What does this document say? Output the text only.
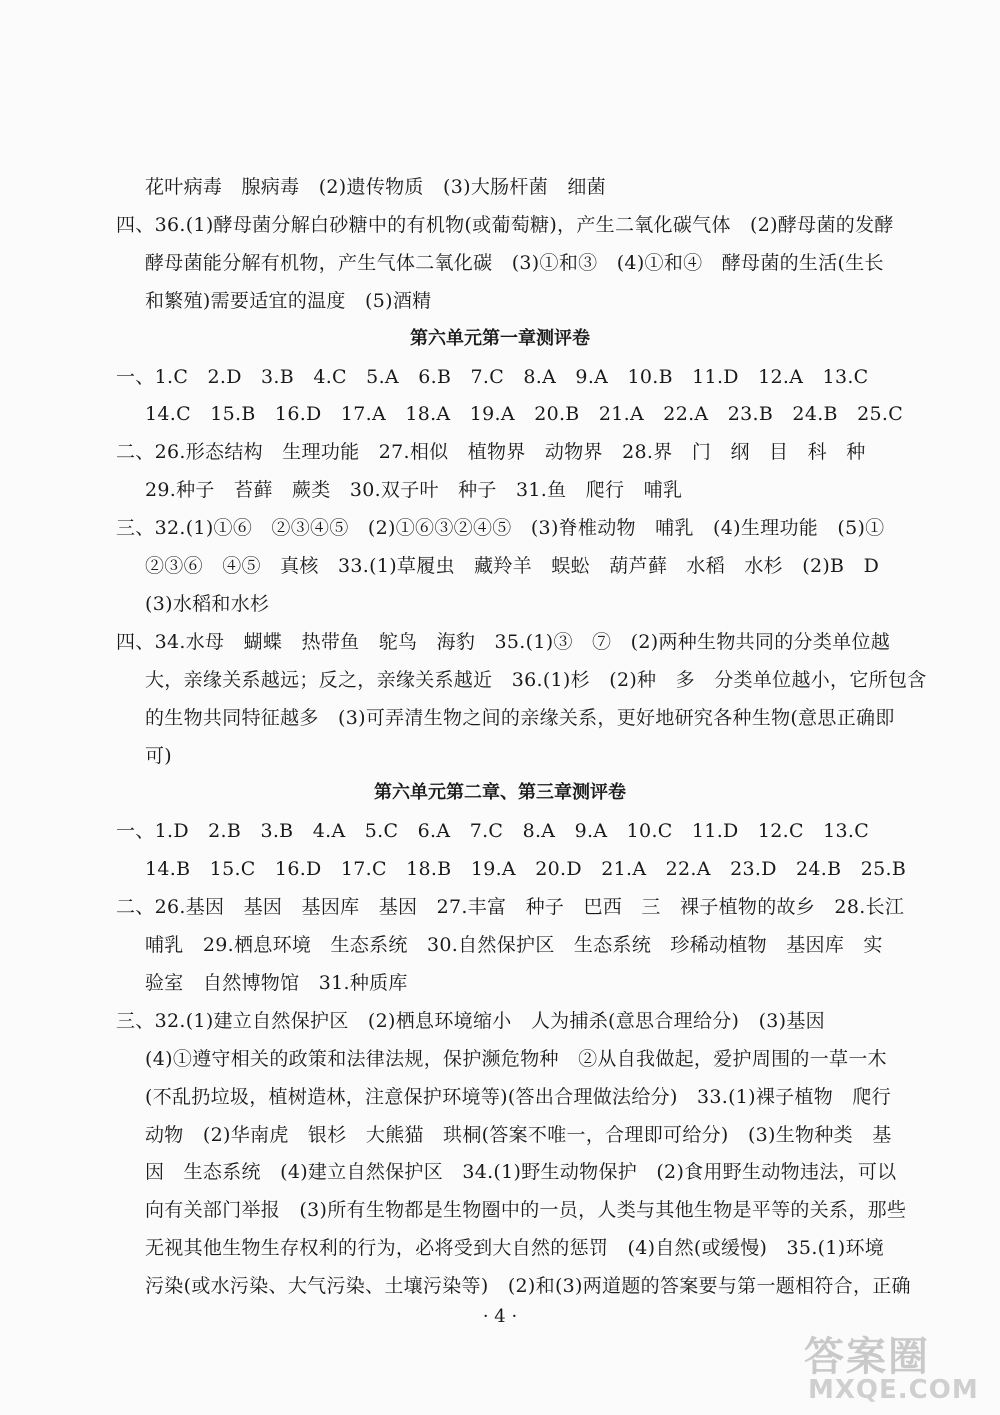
花叶病毒　腺病毒　(2)遗传物质　(3)大肠杆菌　细菌
四、36.(1)酵母菌分解白砂糖中的有机物(或葡萄糖)，产生二氧化碳气体　(2)酵母菌的发酵
酵母菌能分解有机物，产生气体二氧化碳　(3)①和③　(4)①和④　酵母菌的生活(生长
和繁殖)需要适宜的温度　(5)酒精
第六单元第一章测评卷
一、1.C　2.D　3.B　4.C　5.A　6.B　7.C　8.A　9.A　10.B　11.D　12.A　13.C
14.C　15.B　16.D　17.A　18.A　19.A　20.B　21.A　22.A　23.B　24.B　25.C
二、26.形态结构　生理功能　27.相似　植物界　动物界　28.界　门　纲　目　科　种
29.种子　苔藓　蕨类　30.双子叶　种子　31.鱼　爬行　哺乳
三、32.(1)①⑥　②③④⑤　(2)①⑥③②④⑤　(3)脊椎动物　哺乳　(4)生理功能　(5)①
②③⑥　④⑤　真核　33.(1)草履虫　藏羚羊　蜈蚣　葫芦藓　水稻　水杉　(2)B　D
(3)水稻和水杉
四、34.水母　蝴蝶　热带鱼　鸵鸟　海豹　35.(1)③　⑦　(2)两种生物共同的分类单位越
大，亲缘关系越远；反之，亲缘关系越近　36.(1)杉　(2)种　多　分类单位越小，它所包含
的生物共同特征越多　(3)可弄清生物之间的亲缘关系，更好地研究各种生物(意思正确即
可)
第六单元第二章、第三章测评卷
一、1.D　2.B　3.B　4.A　5.C　6.A　7.C　8.A　9.A　10.C　11.D　12.C　13.C
14.B　15.C　16.D　17.C　18.B　19.A　20.D　21.A　22.A　23.D　24.B　25.B
二、26.基因　基因　基因库　基因　27.丰富　种子　巴西　三　裸子植物的故乡　28.长江
哺乳　29.栖息环境　生态系统　30.自然保护区　生态系统　珍稀动植物　基因库　实
验室　自然博物馆　31.种质库
三、32.(1)建立自然保护区　(2)栖息环境缩小　人为捕杀(意思合理给分)　(3)基因
(4)①遵守相关的政策和法律法规，保护濒危物种　②从自我做起，爱护周围的一草一木
(不乱扔垃圾，植树造林，注意保护环境等)(答出合理做法给分)　33.(1)裸子植物　爬行
动物　(2)华南虎　银杉　大熊猫　珙桐(答案不唯一，合理即可给分)　(3)生物种类　基
因　生态系统　(4)建立自然保护区　34.(1)野生动物保护　(2)食用野生动物违法，可以
向有关部门举报　(3)所有生物都是生物圈中的一员，人类与其他生物是平等的关系，那些
无视其他生物生存权利的行为，必将受到大自然的惩罚　(4)自然(或缓慢)　35.(1)环境
污染(或水污染、大气污染、土壤污染等)　(2)和(3)两道题的答案要与第一题相符合，正确
· 4 ·
答案圈
MXQE.COM
